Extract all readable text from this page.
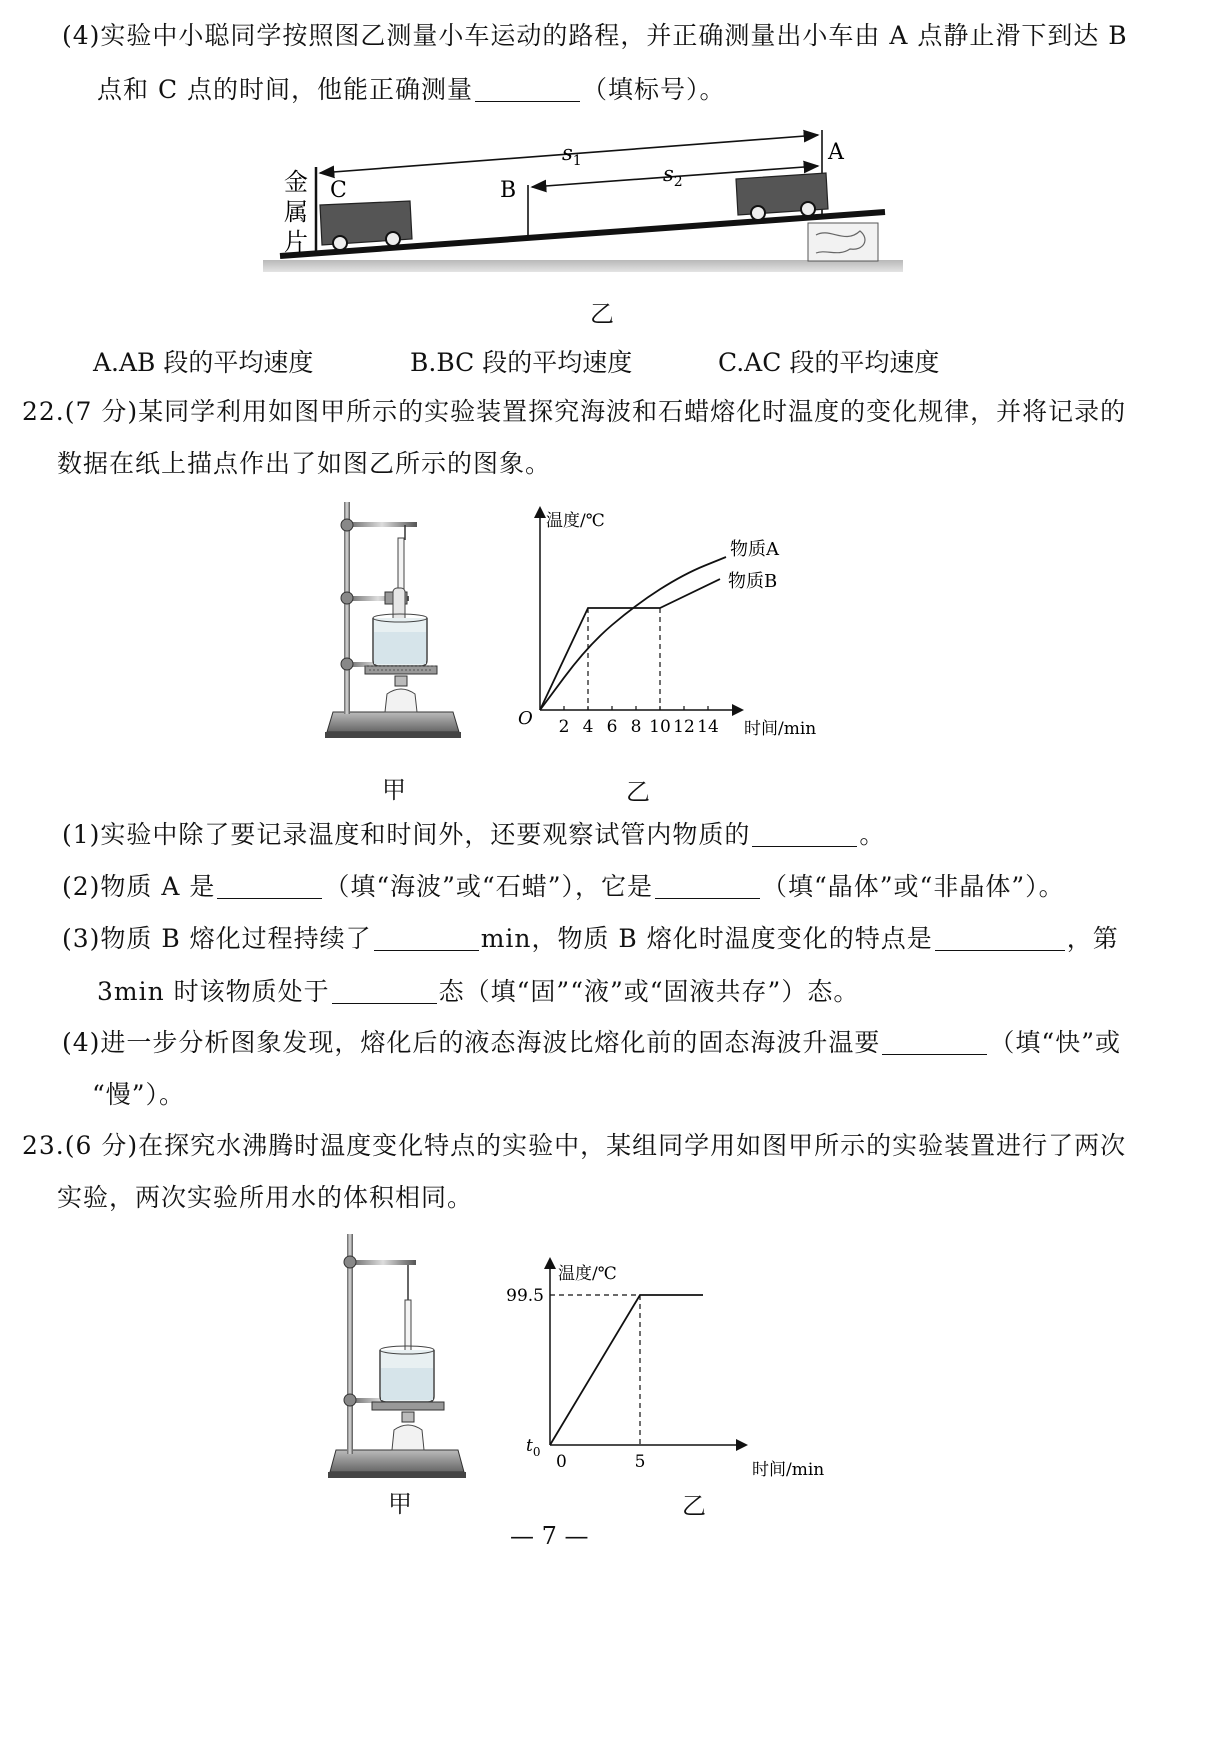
(4)实验中小聪同学按照图乙测量小车运动的路程，并正确测量出小车由 A 点静止滑下到达 B
点和 C 点的时间，他能正确测量	（填标号）。
C	B
A
$s_1$
$s_2$
金
属
片
乙
A.AB 段的平均速度	B.BC 段的平均速度	C.AC 段的平均速度
22.(7 分)某同学利用如图甲所示的实验装置探究海波和石蜡熔化时温度的变化规律，并将记录的
数据在纸上描点作出了如图乙所示的图象。
甲
温度/℃
时间/min
O 2 4 6 8 10 12 14
物质A
物质B
乙
(1)实验中除了要记录温度和时间外，还要观察试管内物质的	。
(2)物质 A 是	（填“海波”或“石蜡”），它是	（填“晶体”或“非晶体”）。
(3)物质 B 熔化过程持续了	min，物质 B 熔化时温度变化的特点是	，第
3min 时该物质处于	态（填“固”“液”或“固液共存”）态。
(4)进一步分析图象发现，熔化后的液态海波比熔化前的固态海波升温要	（填“快”或
“慢”）。
23.(6 分)在探究水沸腾时温度变化特点的实验中，某组同学用如图甲所示的实验装置进行了两次
实验，两次实验所用水的体积相同。
甲
温度/℃
时间/min
$t_0$
99.5
0	5
乙
— 7 —
